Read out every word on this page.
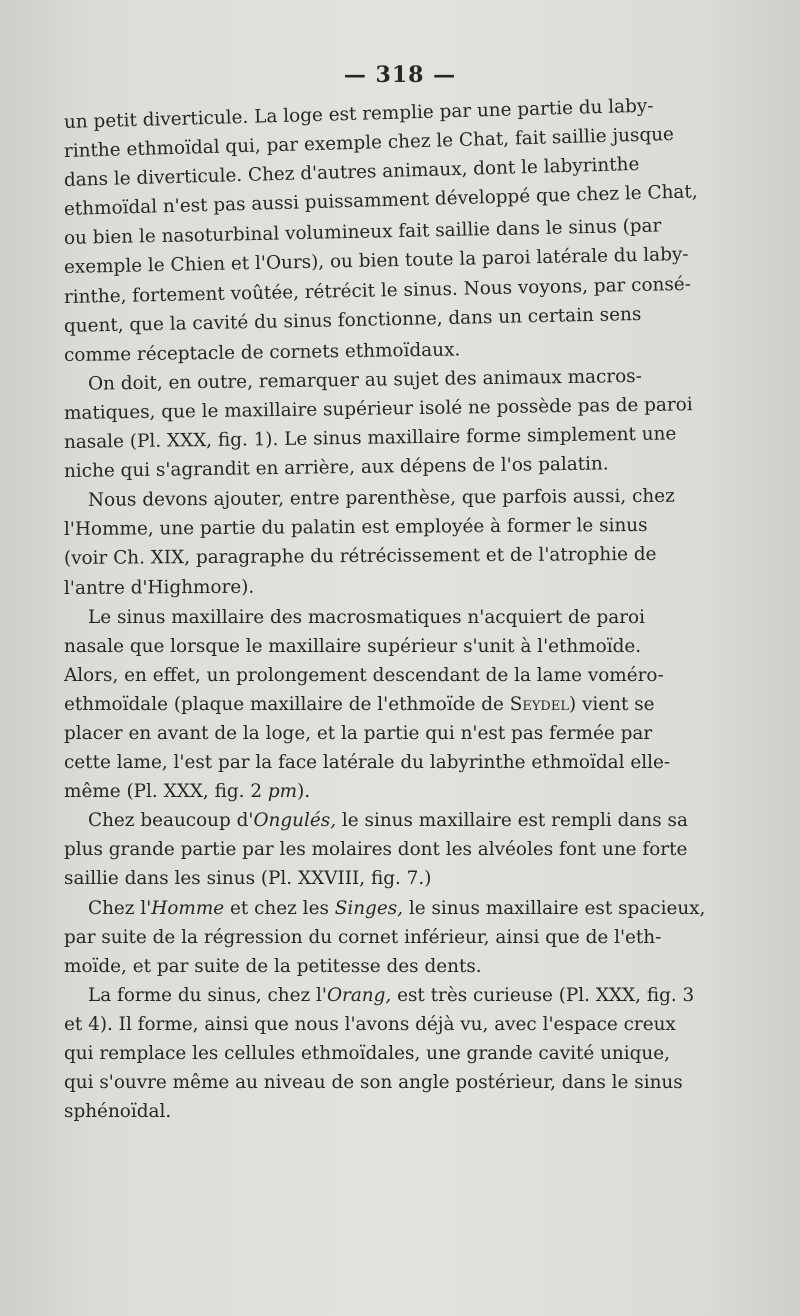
— 318 —
un petit diverticule. La loge est remplie par une partie du laby-
rinthe ethmoïdal qui, par exemple chez le Chat, fait saillie jusque
dans le diverticule. Chez d'autres animaux, dont le labyrinthe
ethmoïdal n'est pas aussi puissamment développé que chez le Chat,
ou bien le nasoturbinal volumineux fait saillie dans le sinus (par
exemple le Chien et l'Ours), ou bien toute la paroi latérale du laby-
rinthe, fortement voûtée, rétrécit le sinus. Nous voyons, par consé-
quent, que la cavité du sinus fonctionne, dans un certain sens
comme réceptacle de cornets ethmoïdaux.
On doit, en outre, remarquer au sujet des animaux macros-
matiques, que le maxillaire supérieur isolé ne possède pas de paroi
nasale (Pl. XXX, fig. 1). Le sinus maxillaire forme simplement une
niche qui s'agrandit en arrière, aux dépens de l'os palatin.
Nous devons ajouter, entre parenthèse, que parfois aussi, chez
l'Homme, une partie du palatin est employée à former le sinus
(voir Ch. XIX, paragraphe du rétrécissement et de l'atrophie de
l'antre d'Highmore).
Le sinus maxillaire des macrosmatiques n'acquiert de paroi
nasale que lorsque le maxillaire supérieur s'unit à l'ethmoïde.
Alors, en effet, un prolongement descendant de la lame voméro-
ethmoïdale (plaque maxillaire de l'ethmoïde de Seydel) vient se
placer en avant de la loge, et la partie qui n'est pas fermée par
cette lame, l'est par la face latérale du labyrinthe ethmoïdal elle-
même (Pl. XXX, fig. 2 pm).
Chez beaucoup d'Ongulés, le sinus maxillaire est rempli dans sa
plus grande partie par les molaires dont les alvéoles font une forte
saillie dans les sinus (Pl. XXVIII, fig. 7.)
Chez l'Homme et chez les Singes, le sinus maxillaire est spacieux,
par suite de la régression du cornet inférieur, ainsi que de l'eth-
moïde, et par suite de la petitesse des dents.
La forme du sinus, chez l'Orang, est très curieuse (Pl. XXX, fig. 3
et 4). Il forme, ainsi que nous l'avons déjà vu, avec l'espace creux
qui remplace les cellules ethmoïdales, une grande cavité unique,
qui s'ouvre même au niveau de son angle postérieur, dans le sinus
sphénoïdal.
